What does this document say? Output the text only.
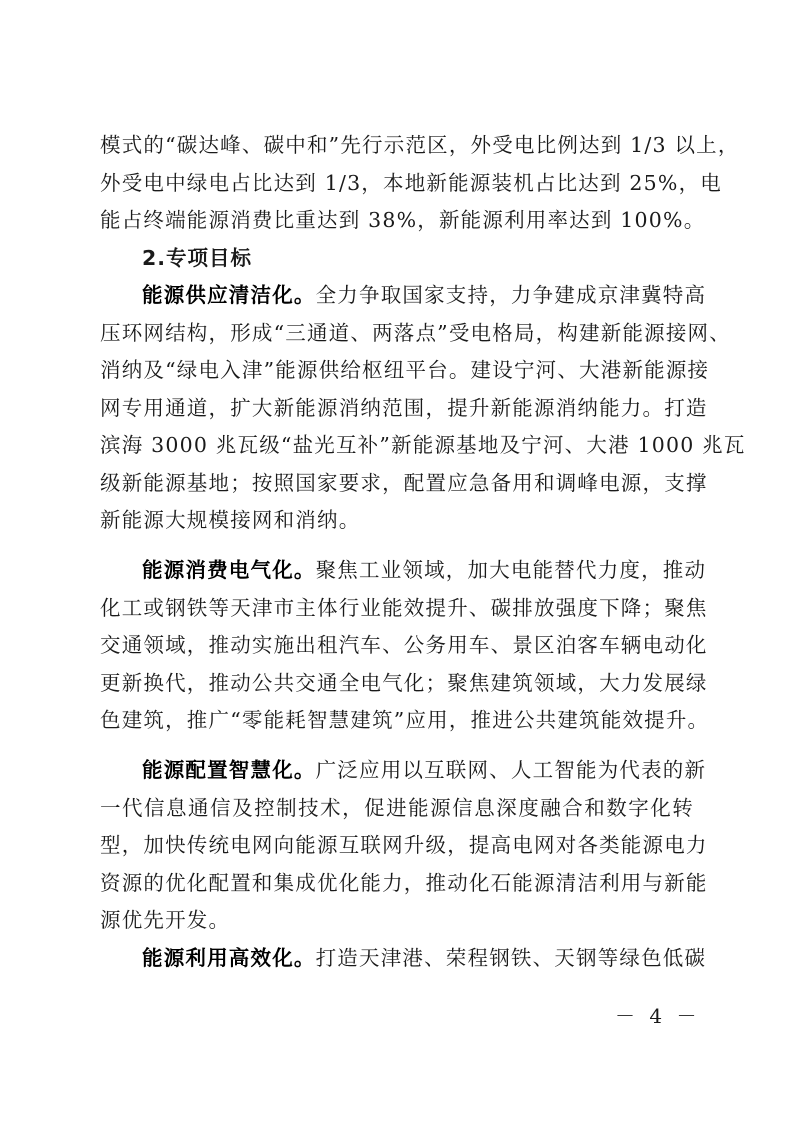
模式的“碳达峰、碳中和”先行示范区，外受电比例达到 1/3 以上，
外受电中绿电占比达到 1/3，本地新能源装机占比达到 25%，电
能占终端能源消费比重达到 38%，新能源利用率达到 100%。
2.专项目标
能源供应清洁化。全力争取国家支持，力争建成京津冀特高
压环网结构，形成“三通道、两落点”受电格局，构建新能源接网、
消纳及“绿电入津”能源供给枢纽平台。建设宁河、大港新能源接
网专用通道，扩大新能源消纳范围，提升新能源消纳能力。打造
滨海 3000 兆瓦级“盐光互补”新能源基地及宁河、大港 1000 兆瓦
级新能源基地；按照国家要求，配置应急备用和调峰电源，支撑
新能源大规模接网和消纳。
能源消费电气化。聚焦工业领域，加大电能替代力度，推动
化工或钢铁等天津市主体行业能效提升、碳排放强度下降；聚焦
交通领域，推动实施出租汽车、公务用车、景区泊客车辆电动化
更新换代，推动公共交通全电气化；聚焦建筑领域，大力发展绿
色建筑，推广“零能耗智慧建筑”应用，推进公共建筑能效提升。
能源配置智慧化。广泛应用以互联网、人工智能为代表的新
一代信息通信及控制技术，促进能源信息深度融合和数字化转
型，加快传统电网向能源互联网升级，提高电网对各类能源电力
资源的优化配置和集成优化能力，推动化石能源清洁利用与新能
源优先开发。
能源利用高效化。打造天津港、荣程钢铁、天钢等绿色低碳
－ 4 －
